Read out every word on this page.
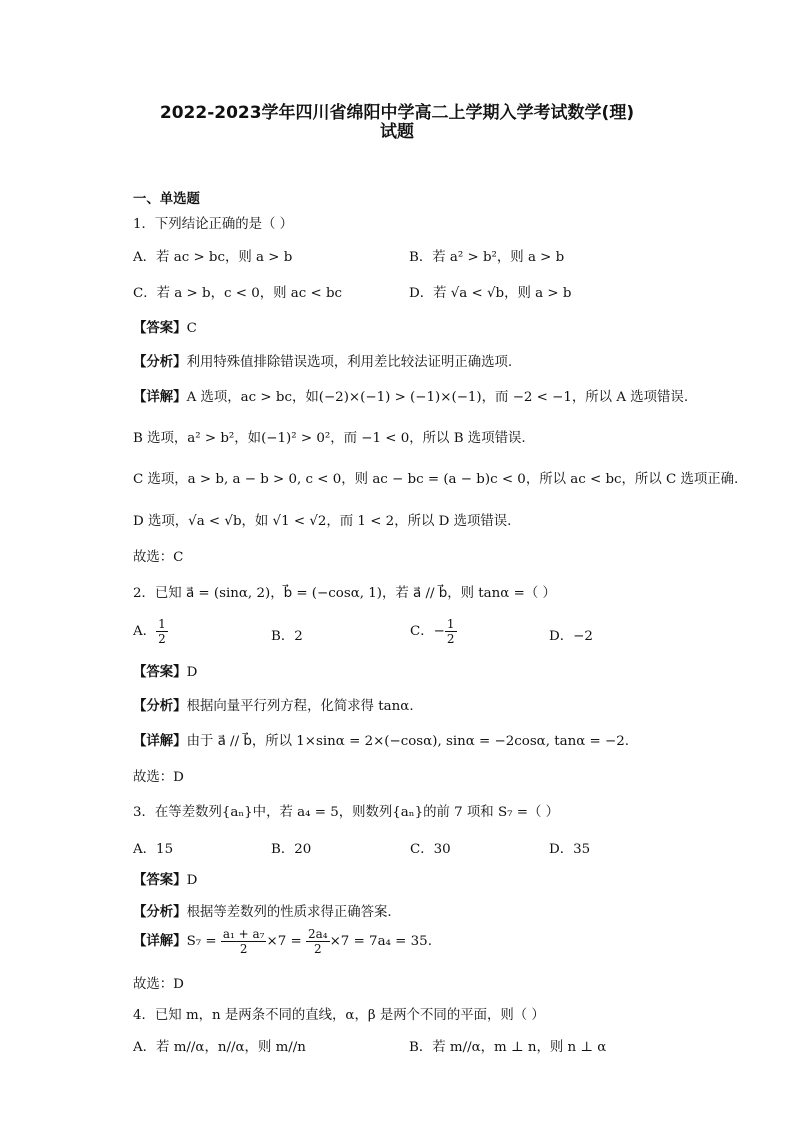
2022-2023学年四川省绵阳中学高二上学期入学考试数学(理)
试题
一、单选题
1．下列结论正确的是（ ）
A．若 ac > bc，则 a > b	B．若 a² > b²，则 a > b
C．若 a > b，c < 0，则 ac < bc	D．若 √a < √b，则 a > b
【答案】C
【分析】利用特殊值排除错误选项，利用差比较法证明正确选项.
【详解】A 选项，ac > bc，如(−2)×(−1) > (−1)×(−1)，而 −2 < −1，所以 A 选项错误.
B 选项，a² > b²，如(−1)² > 0²，而 −1 < 0，所以 B 选项错误.
C 选项，a > b, a − b > 0, c < 0，则 ac − bc = (a − b)c < 0，所以 ac < bc，所以 C 选项正确.
D 选项，√a < √b，如 √1 < √2，而 1 < 2，所以 D 选项错误.
故选：C
2．已知 a⃗ = (sinα, 2)，b⃗ = (−cosα, 1)，若 a⃗ // b⃗，则 tanα =（ ）
A． $\frac{1}{2}$	B．2	C．− $\frac{1}{2}$	D．−2
【答案】D
【分析】根据向量平行列方程，化简求得 tanα.
【详解】由于 a⃗ // b⃗，所以 1×sinα = 2×(−cosα), sinα = −2cosα, tanα = −2.
故选：D
3．在等差数列{aₙ}中，若 a₄ = 5，则数列{aₙ}的前 7 项和 S₇ =（ ）
A．15	B．20	C．30	D．35
【答案】D
【分析】根据等差数列的性质求得正确答案.
【详解】$S_7 = \frac{\text{a₁ + a₇}}{2} \times 7 = \frac{\text{2a₄}}{2} \times 7 = 7a_4 = 35$.
故选：D
4．已知 m，n 是两条不同的直线，α，β 是两个不同的平面，则（ ）
A．若 m//α，n//α，则 m//n	B．若 m//α，m ⊥ n，则 n ⊥ α
